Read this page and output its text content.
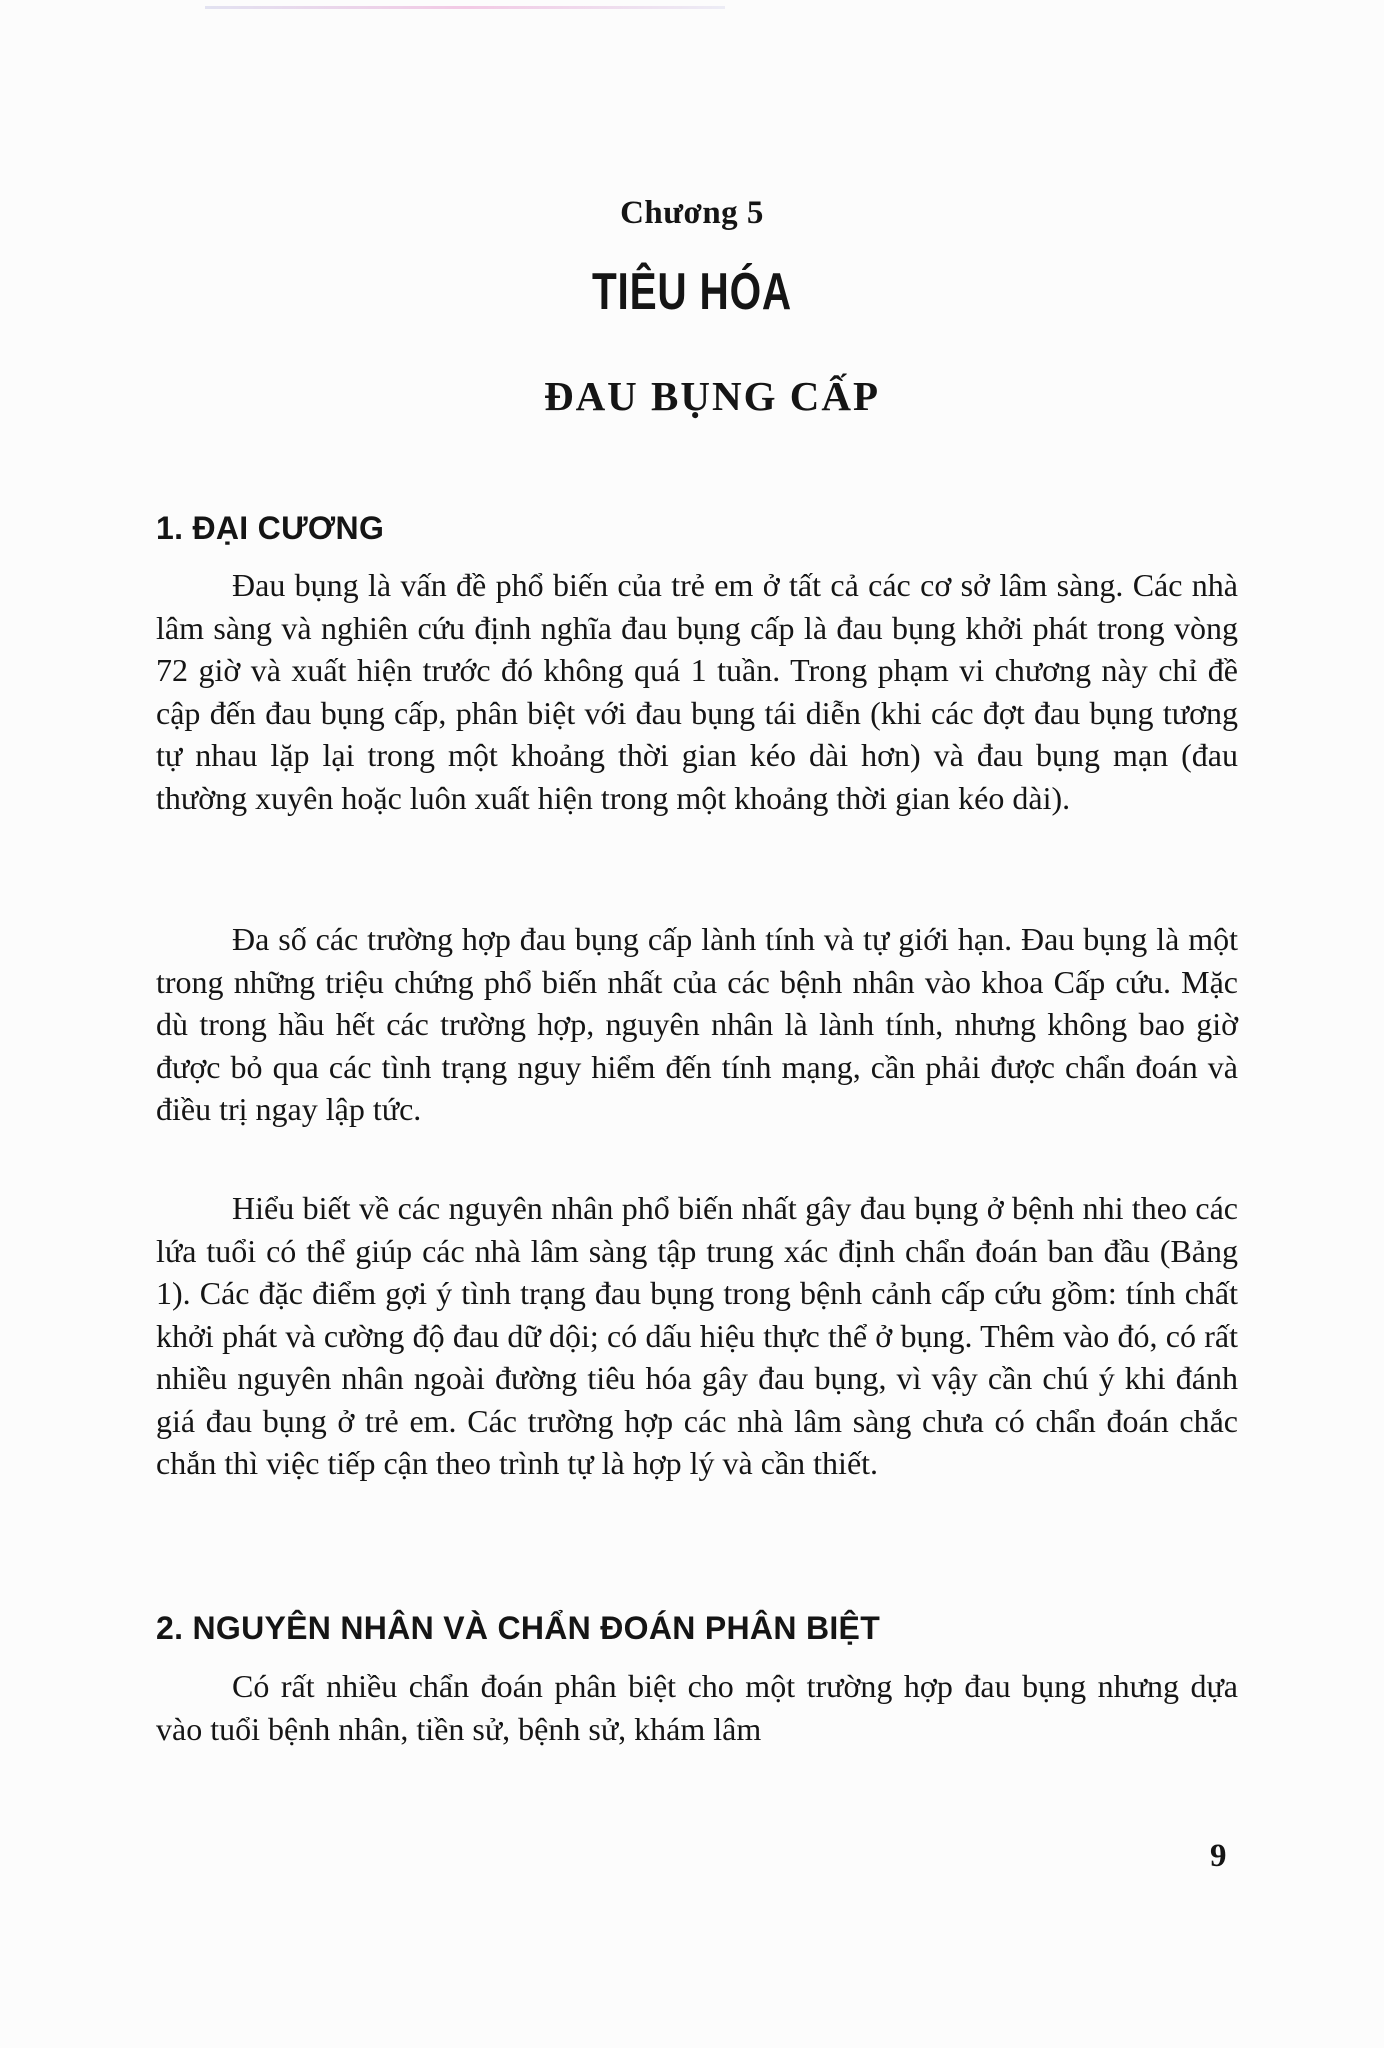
Chương 5
TIÊU HÓA
ĐAU BỤNG CẤP
1. ĐẠI CƯƠNG

Đau bụng là vấn đề phổ biến của trẻ em ở tất cả các cơ sở lâm sàng. Các nhà lâm sàng và nghiên cứu định nghĩa đau bụng cấp là đau bụng khởi phát trong vòng 72 giờ và xuất hiện trước đó không quá 1 tuần. Trong phạm vi chương này chỉ đề cập đến đau bụng cấp, phân biệt với đau bụng tái diễn (khi các đợt đau bụng tương tự nhau lặp lại trong một khoảng thời gian kéo dài hơn) và đau bụng mạn (đau thường xuyên hoặc luôn xuất hiện trong một khoảng thời gian kéo dài).

Đa số các trường hợp đau bụng cấp lành tính và tự giới hạn. Đau bụng là một trong những triệu chứng phổ biến nhất của các bệnh nhân vào khoa Cấp cứu. Mặc dù trong hầu hết các trường hợp, nguyên nhân là lành tính, nhưng không bao giờ được bỏ qua các tình trạng nguy hiểm đến tính mạng, cần phải được chẩn đoán và điều trị ngay lập tức.

Hiểu biết về các nguyên nhân phổ biến nhất gây đau bụng ở bệnh nhi theo các lứa tuổi có thể giúp các nhà lâm sàng tập trung xác định chẩn đoán ban đầu (Bảng 1). Các đặc điểm gợi ý tình trạng đau bụng trong bệnh cảnh cấp cứu gồm: tính chất khởi phát và cường độ đau dữ dội; có dấu hiệu thực thể ở bụng. Thêm vào đó, có rất nhiều nguyên nhân ngoài đường tiêu hóa gây đau bụng, vì vậy cần chú ý khi đánh giá đau bụng ở trẻ em. Các trường hợp các nhà lâm sàng chưa có chẩn đoán chắc chắn thì việc tiếp cận theo trình tự là hợp lý và cần thiết.

2. NGUYÊN NHÂN VÀ CHẨN ĐOÁN PHÂN BIỆT

Có rất nhiều chẩn đoán phân biệt cho một trường hợp đau bụng nhưng dựa vào tuổi bệnh nhân, tiền sử, bệnh sử, khám lâm

9
